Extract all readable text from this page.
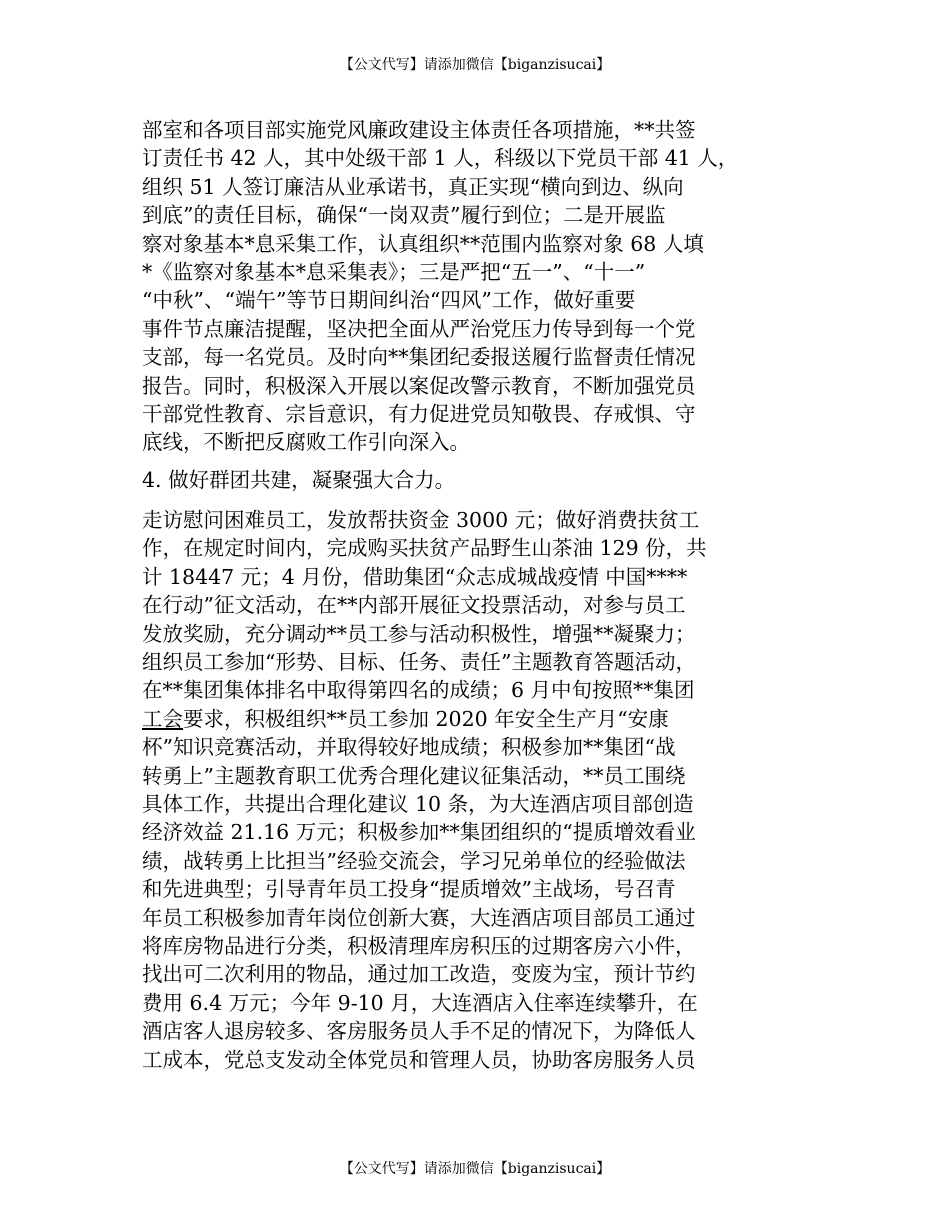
【公文代写】请添加微信【biganzisucai】
部室和各项目部实施党风廉政建设主体责任各项措施，**共签
订责任书 42 人，其中处级干部 1 人，科级以下党员干部 41 人，
组织 51 人签订廉洁从业承诺书，真正实现“横向到边、纵向
到底”的责任目标，确保“一岗双责”履行到位；二是开展监
察对象基本*息采集工作，认真组织**范围内监察对象 68 人填
*《监察对象基本*息采集表》；三是严把“五一”、“十一”
“中秋”、“端午”等节日期间纠治“四风”工作，做好重要
事件节点廉洁提醒，坚决把全面从严治党压力传导到每一个党
支部，每一名党员。及时向**集团纪委报送履行监督责任情况
报告。同时，积极深入开展以案促改警示教育，不断加强党员
干部党性教育、宗旨意识，有力促进党员知敬畏、存戒惧、守
底线，不断把反腐败工作引向深入。
4. 做好群团共建，凝聚强大合力。
走访慰问困难员工，发放帮扶资金 3000 元；做好消费扶贫工
作，在规定时间内，完成购买扶贫产品野生山茶油 129 份，共
计 18447 元；4 月份，借助集团“众志成城战疫情 中国****
在行动”征文活动，在**内部开展征文投票活动，对参与员工
发放奖励，充分调动**员工参与活动积极性，增强**凝聚力；
组织员工参加“形势、目标、任务、责任”主题教育答题活动，
在**集团集体排名中取得第四名的成绩；6 月中旬按照**集团
工会要求，积极组织**员工参加 2020 年安全生产月“安康
杯”知识竞赛活动，并取得较好地成绩；积极参加**集团“战
转勇上”主题教育职工优秀合理化建议征集活动，**员工围绕
具体工作，共提出合理化建议 10 条，为大连酒店项目部创造
经济效益 21.16 万元；积极参加**集团组织的“提质增效看业
绩，战转勇上比担当”经验交流会，学习兄弟单位的经验做法
和先进典型；引导青年员工投身“提质增效”主战场，号召青
年员工积极参加青年岗位创新大赛，大连酒店项目部员工通过
将库房物品进行分类，积极清理库房积压的过期客房六小件，
找出可二次利用的物品，通过加工改造，变废为宝，预计节约
费用 6.4 万元；今年 9-10 月，大连酒店入住率连续攀升，在
酒店客人退房较多、客房服务员人手不足的情况下，为降低人
工成本，党总支发动全体党员和管理人员，协助客房服务人员
【公文代写】请添加微信【biganzisucai】
